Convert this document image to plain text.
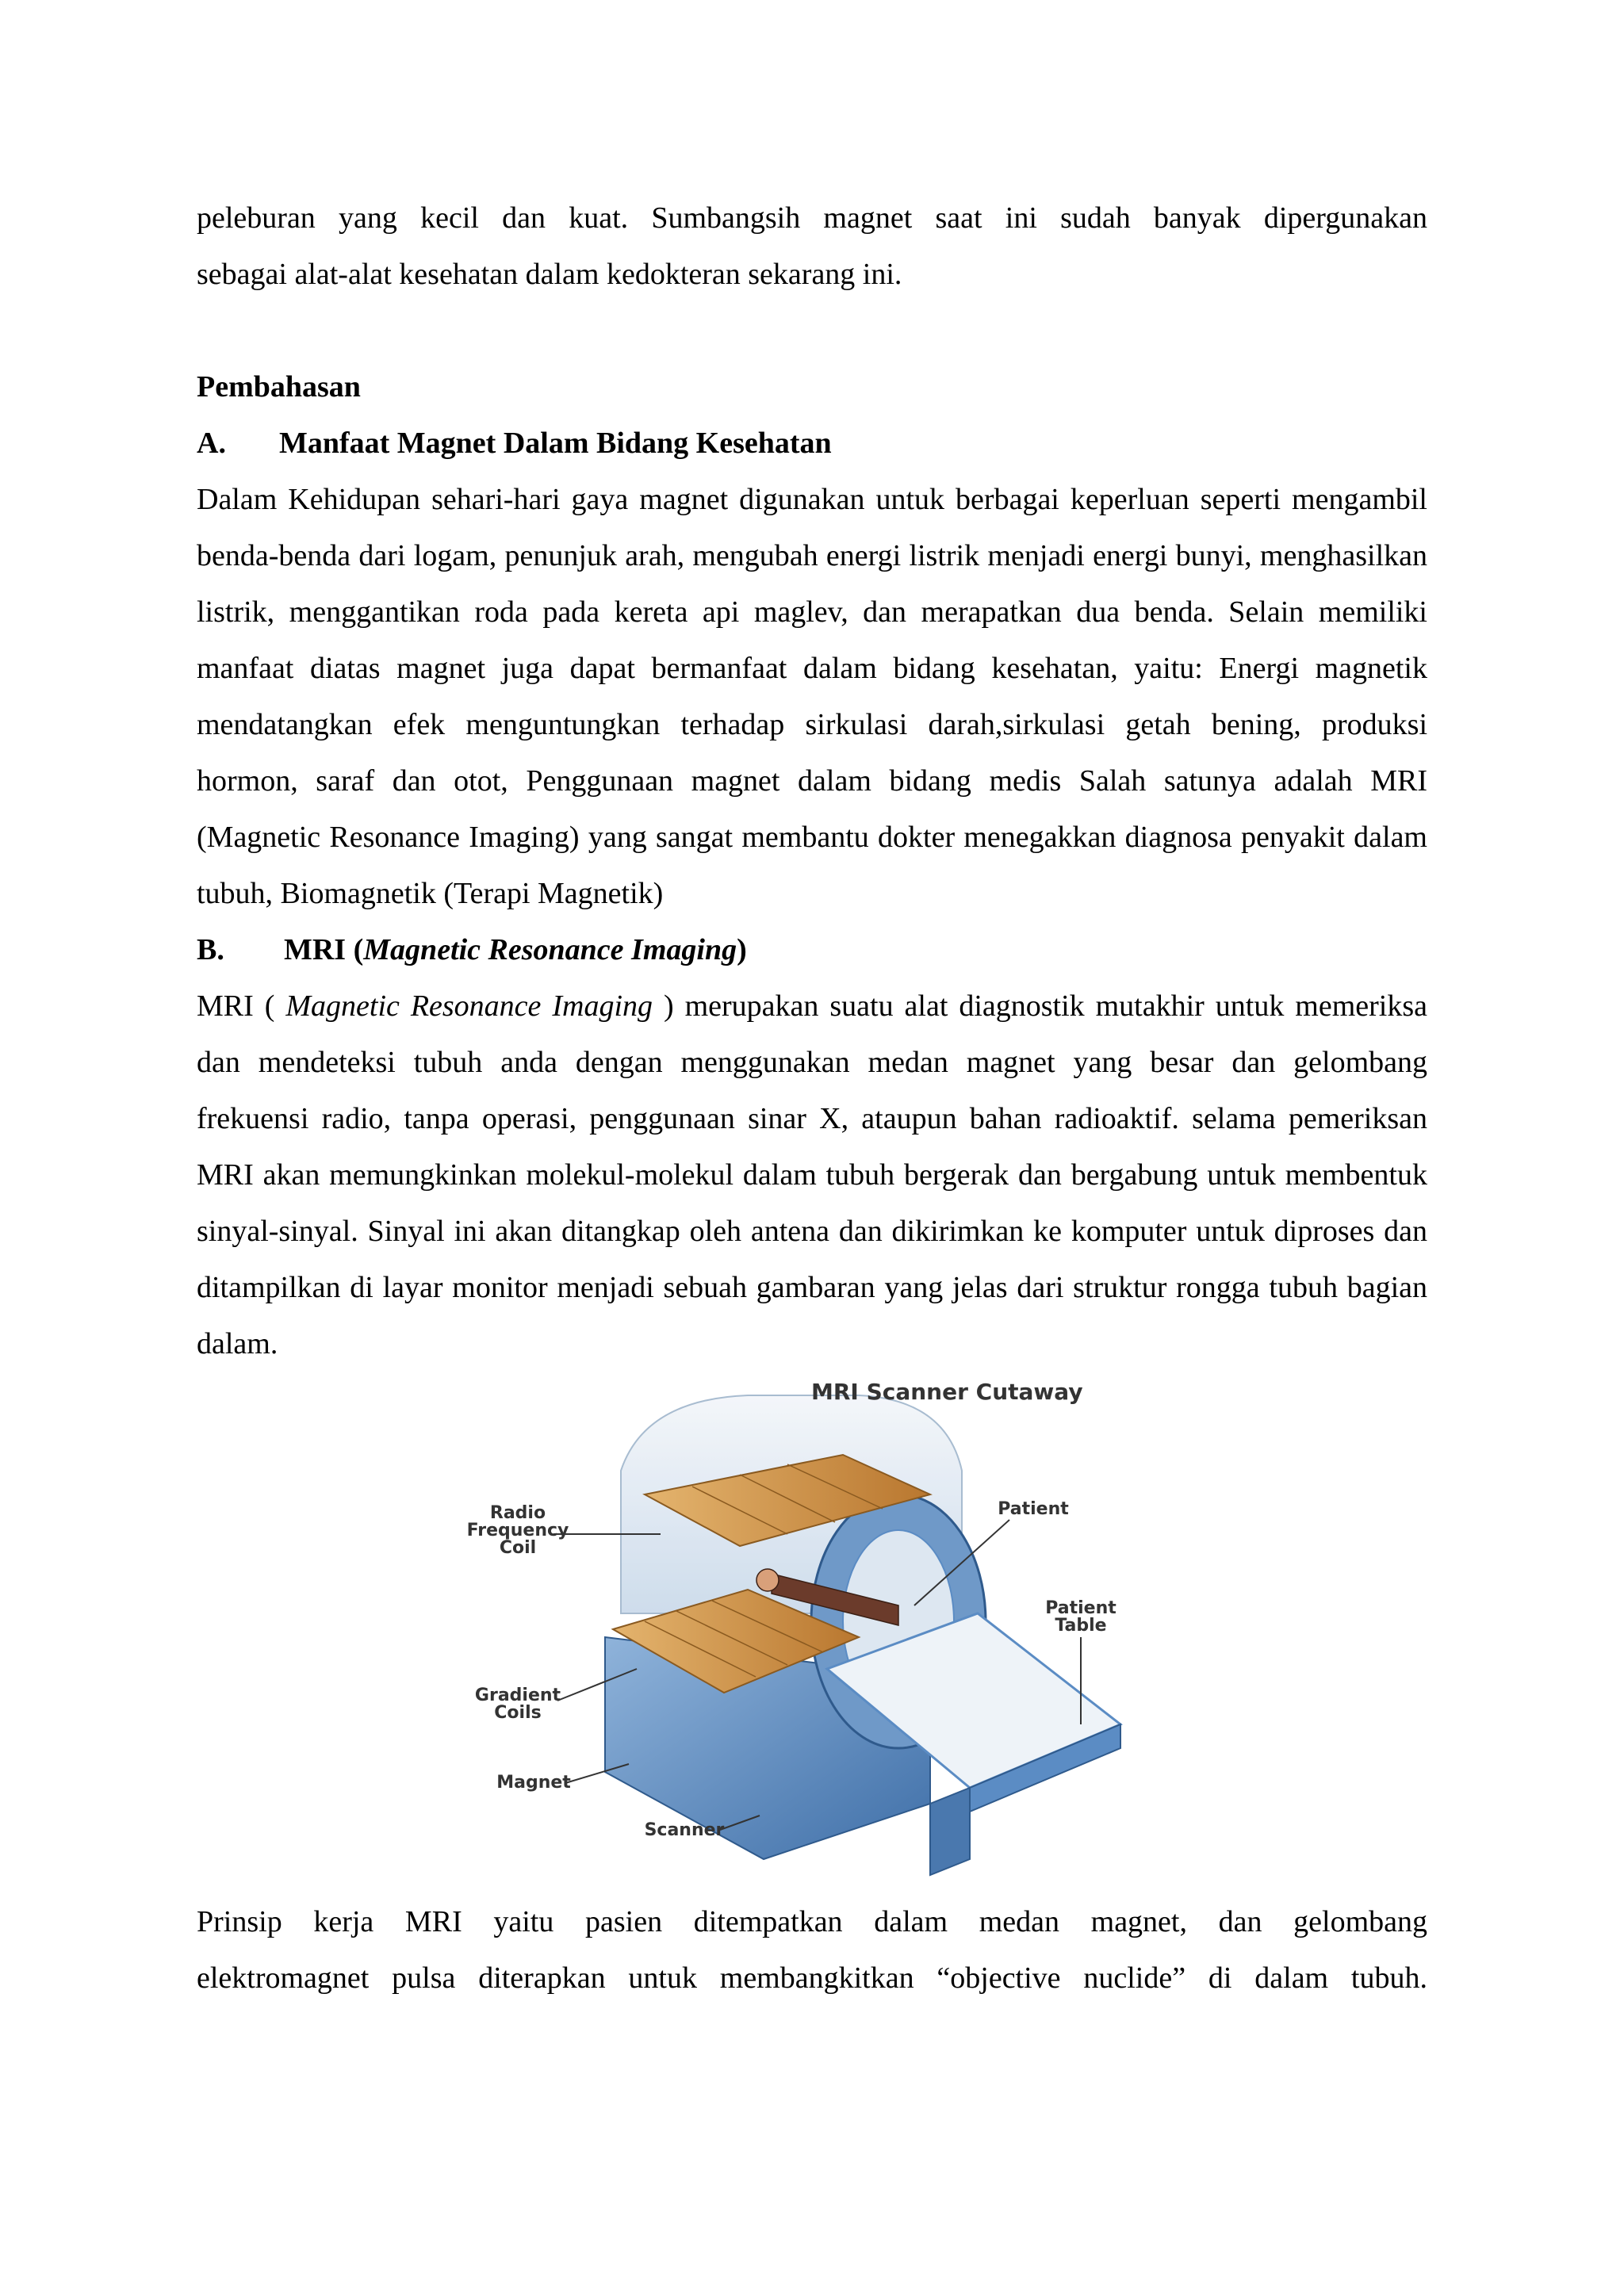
peleburan yang kecil dan kuat. Sumbangsih magnet saat ini sudah banyak dipergunakan

sebagai alat-alat kesehatan dalam kedokteran sekarang ini.

Pembahasan

A.	Manfaat Magnet Dalam Bidang Kesehatan

Dalam Kehidupan sehari-hari gaya magnet digunakan untuk berbagai keperluan seperti mengambil benda-benda dari logam, penunjuk arah, mengubah energi listrik menjadi energi bunyi, menghasilkan listrik, menggantikan roda pada kereta api maglev, dan merapatkan dua benda. Selain memiliki manfaat diatas magnet juga dapat bermanfaat dalam bidang kesehatan, yaitu: Energi magnetik mendatangkan efek menguntungkan terhadap sirkulasi darah,sirkulasi getah bening, produksi hormon, saraf dan otot, Penggunaan magnet dalam bidang medis Salah satunya adalah MRI (Magnetic Resonance Imaging) yang sangat membantu dokter menegakkan diagnosa penyakit dalam tubuh, Biomagnetik (Terapi Magnetik)

B.	MRI (Magnetic Resonance Imaging)

MRI ( Magnetic Resonance Imaging ) merupakan suatu alat diagnostik mutakhir untuk memeriksa dan mendeteksi tubuh anda dengan menggunakan medan magnet yang besar dan gelombang frekuensi radio, tanpa operasi, penggunaan sinar X, ataupun bahan radioaktif. selama pemeriksan MRI akan memungkinkan molekul-molekul dalam tubuh bergerak dan bergabung untuk membentuk sinyal-sinyal. Sinyal ini akan ditangkap oleh antena dan dikirimkan ke komputer untuk diproses dan ditampilkan di layar monitor menjadi sebuah gambaran yang jelas dari struktur rongga tubuh bagian dalam.

MRI Scanner Cutaway
Radio
Frequency
Coil
Gradient
Coils
Magnet
Scanner
Patient
Patient
Table

Prinsip kerja MRI yaitu pasien ditempatkan dalam medan magnet, dan gelombang

elektromagnet pulsa diterapkan untuk membangkitkan “objective nuclide” di dalam tubuh.
